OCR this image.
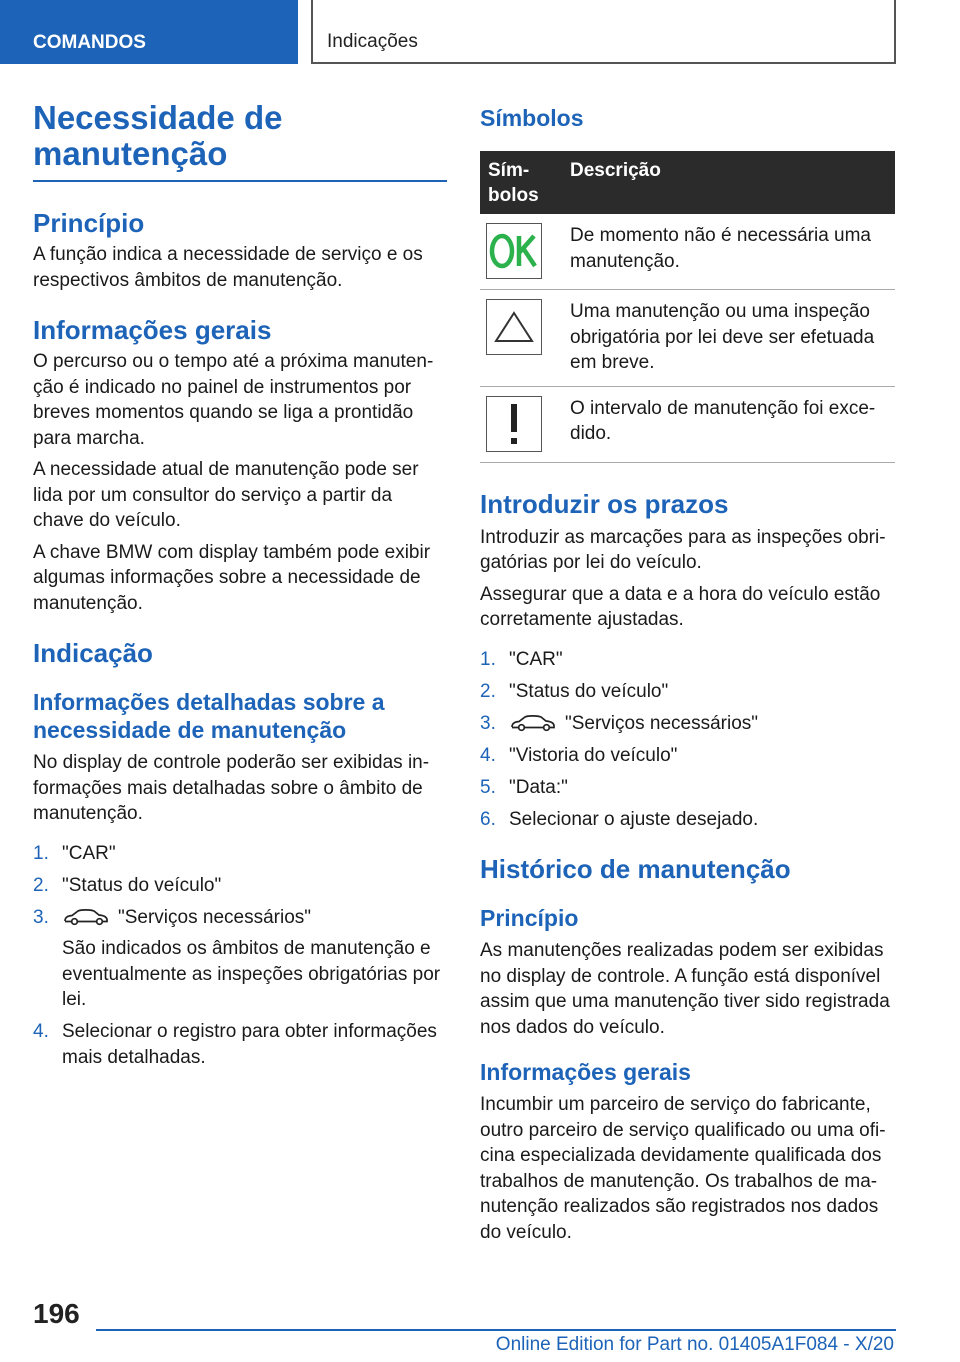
COMANDOS	Indicações
Necessidade de
manutenção
Princípio
A função indica a necessidade de serviço e os respectivos âmbitos de manutenção.
Informações gerais
O percurso ou o tempo até a próxima manutenção é indicado no painel de instrumentos por breves momentos quando se liga a prontidão para marcha.
A necessidade atual de manutenção pode ser lida por um consultor do serviço a partir da chave do veículo.
A chave BMW com display também pode exibir algumas informações sobre a necessidade de manutenção.
Indicação
Informações detalhadas sobre a necessidade de manutenção
No display de controle poderão ser exibidas informações mais detalhadas sobre o âmbito de manutenção.
1. "CAR"
2. "Status do veículo"
3.	"Serviços necessários"
São indicados os âmbitos de manutenção e eventualmente as inspeções obrigatórias por lei.
4. Selecionar o registro para obter informações mais detalhadas.
Símbolos
Símbolos	Descrição

	De momento não é necessária uma manutenção.

	Uma manutenção ou uma inspeção obrigatória por lei deve ser efetuada em breve.

	O intervalo de manutenção foi excedido.
Introduzir os prazos
Introduzir as marcações para as inspeções obrigatórias por lei do veículo.
Assegurar que a data e a hora do veículo estão corretamente ajustadas.
1. "CAR"
2. "Status do veículo"
3.	"Serviços necessários"
4. "Vistoria do veículo"
5. "Data:"
6. Selecionar o ajuste desejado.
Histórico de manutenção
Princípio
As manutenções realizadas podem ser exibidas no display de controle. A função está disponível assim que uma manutenção tiver sido registrada nos dados do veículo.
Informações gerais
Incumbir um parceiro de serviço do fabricante, outro parceiro de serviço qualificado ou uma oficina especializada devidamente qualificada dos trabalhos de manutenção. Os trabalhos de manutenção realizados são registrados nos dados do veículo.
196
Online Edition for Part no. 01405A1F084 - X/20
